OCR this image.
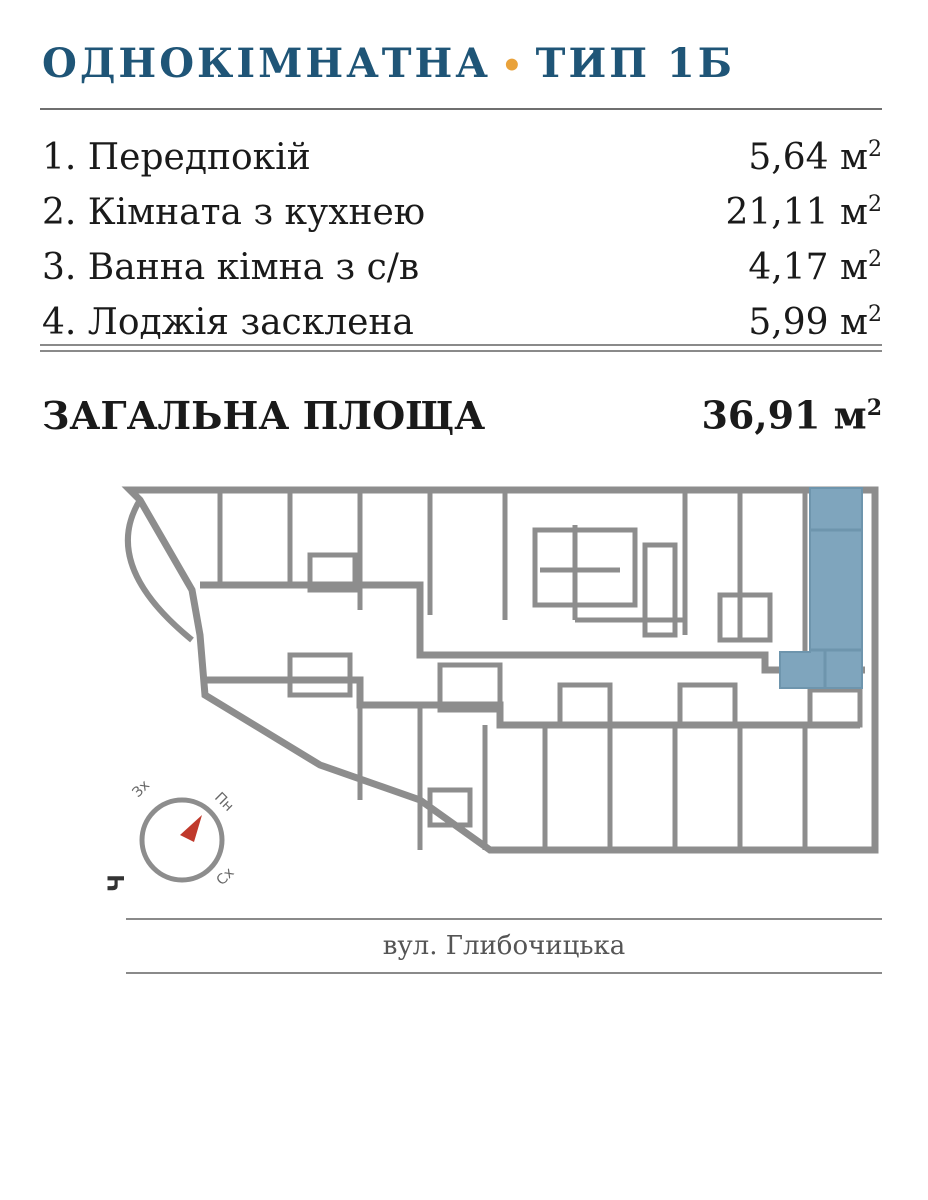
ОДНОКІМНАТНА • ТИП 1Б
1. Передпокій	5,64 $м^2$
2. Кімната з кухнею	21,11 $м^2$
3. Ванна кімна з с/в	4,17 $м^2$
4. Лоджія засклена	5,99 $м^2$
ЗАГАЛЬНА ПЛОЩА	36,91 $м^2$
Зх
Пн
Сх
Ч
вул. Глибочицька
